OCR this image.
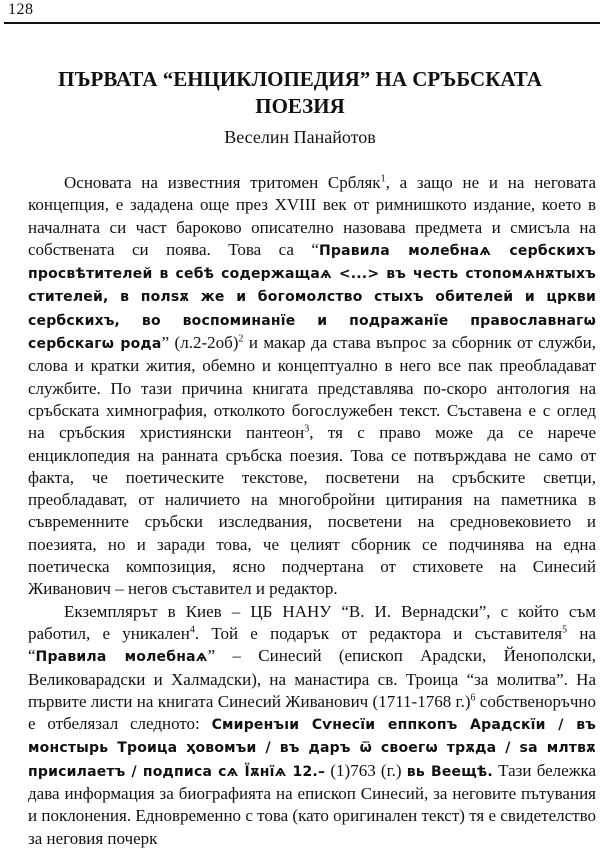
128
ПЪРВАТА “ЕНЦИКЛОПЕДИЯ” НА СРЪБСКАТА ПОЕЗИЯ
Веселин Панайотов

Основата на известния тритомен Србляк$^1$, а защо не и на неговата концепция, е зададена още през XVIII век от римнишкото издание, което в началната си част бароково описателно назовава предмета и смисъла на собствената си поява. Това са “Правила молебнаѧ сербскихъ просвѣтителей в себѣ содержащаѧ <...> въ честь стопомѧнѫтыхъ стителей, в полѕѫ же и богомолство стыхъ обителей и цркви сербскихъ, во воспоминанїе и подражанїе православнагѡ сербскагѡ рода” $(л.2-2об)^2$ и макар да става въпрос за сборник от служби, слова и кратки жития, обемно и концептуално в него все пак преобладават службите. По тази причина книгата представлява по-скоро антология на сръбската химнография, отколкото богослужебен текст. Съставена е с оглед на сръбския християнски пантеон$^3$, тя с право може да се нарече енциклопедия на ранната сръбска поезия. Това се потвърждава не само от факта, че поетическите текстове, посветени на сръбските светци, преобладават, от наличието на многобройни цитирания на паметника в съвременните сръбски изследвания, посветени на средновековието и поезията, но и заради това, че целият сборник се подчинява на една поетическа композиция, ясно подчертана от стиховете на Синесий Живанович – негов съставител и редактор.

Екземплярът в Киев – ЦБ НАНУ “В. И. Вернадски”, с който съм работил, е уникален$^4$. Той е подарък от редактора и съставителя$^5$ на “Правила молебнаѧ” – Синесий (епископ Арадски, Йенополски, Великоварадски и Халмадски), на манастира св. Троица “за молитва”. На първите листи на книгата Синесий Живанович (1711-1768 г.)$^6$ собственоръчно е отбелязал следното: Смиренъıи Сѵнесїи еппкопъ Арадскїи / въ монстырь Троица ҳовомъи / въ даръ ѿ своегѡ трѫда / ѕа млтвѫ присилаетъ / подписа сѧ Їѫнїѧ 12.– (1)763 (г.) вь Веещѣ. Тази бележка дава информация за биографията на епископ Синесий, за неговите пътувания и поклонения. Едновременно с това (като оригинален текст) тя е свидетелство за неговия почерк
